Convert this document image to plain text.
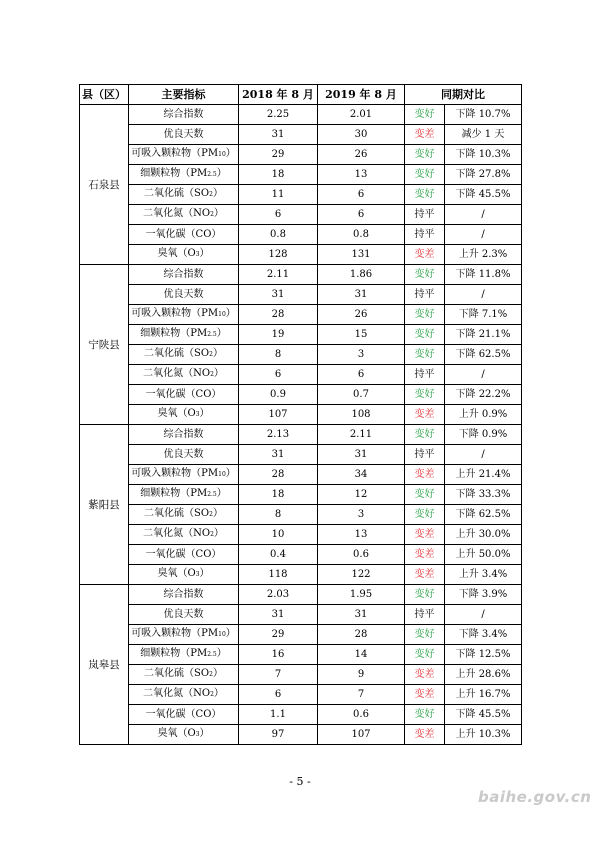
县（区）	主要指标	2018 年 8 月	2019 年 8 月	同期对比	
石泉县	综合指数	2.25	2.01	变好	下降 10.7%
	优良天数	31	30	变差	减少 1 天
	可吸入颗粒物（PM10）	29	26	变好	下降 10.3%
	细颗粒物（PM2.5）	18	13	变好	下降 27.8%
	二氧化硫（SO2）	11	6	变好	下降 45.5%
	二氧化氮（NO2）	6	6	持平	/
	一氧化碳（CO）	0.8	0.8	持平	/
	臭氧（O3）	128	131	变差	上升 2.3%
宁陕县	综合指数	2.11	1.86	变好	下降 11.8%
	优良天数	31	31	持平	/
	可吸入颗粒物（PM10）	28	26	变好	下降 7.1%
	细颗粒物（PM2.5）	19	15	变好	下降 21.1%
	二氧化硫（SO2）	8	3	变好	下降 62.5%
	二氧化氮（NO2）	6	6	持平	/
	一氧化碳（CO）	0.9	0.7	变好	下降 22.2%
	臭氧（O3）	107	108	变差	上升 0.9%
紫阳县	综合指数	2.13	2.11	变好	下降 0.9%
	优良天数	31	31	持平	/
	可吸入颗粒物（PM10）	28	34	变差	上升 21.4%
	细颗粒物（PM2.5）	18	12	变好	下降 33.3%
	二氧化硫（SO2）	8	3	变好	下降 62.5%
	二氧化氮（NO2）	10	13	变差	上升 30.0%
	一氧化碳（CO）	0.4	0.6	变差	上升 50.0%
	臭氧（O3）	118	122	变差	上升 3.4%
岚皋县	综合指数	2.03	1.95	变好	下降 3.9%
	优良天数	31	31	持平	/
	可吸入颗粒物（PM10）	29	28	变好	下降 3.4%
	细颗粒物（PM2.5）	16	14	变好	下降 12.5%
	二氧化硫（SO2）	7	9	变差	上升 28.6%
	二氧化氮（NO2）	6	7	变差	上升 16.7%
	一氧化碳（CO）	1.1	0.6	变好	下降 45.5%
	臭氧（O3）	97	107	变差	上升 10.3%
- 5 -
baihe.gov.cn
